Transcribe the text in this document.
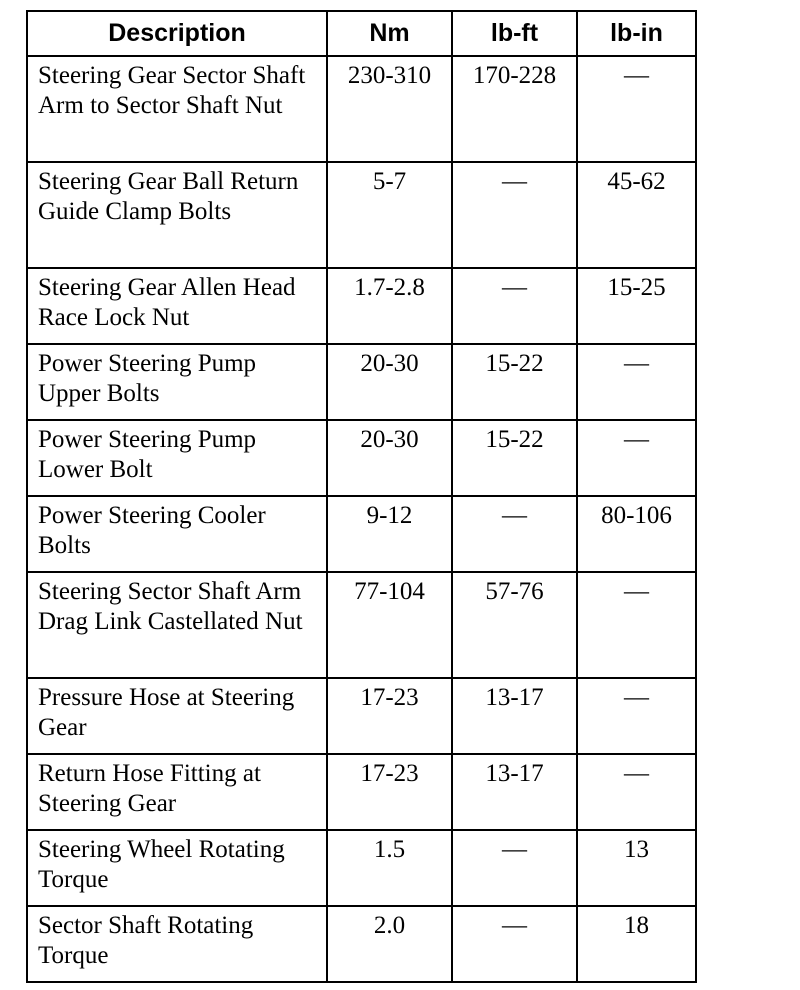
Description	Nm	lb-ft	lb-in
Steering Gear Sector Shaft Arm to Sector Shaft Nut	230-310	170-228	—
Steering Gear Ball Return Guide Clamp Bolts	5-7	—	45-62
Steering Gear Allen Head Race Lock Nut	1.7-2.8	—	15-25
Power Steering Pump Upper Bolts	20-30	15-22	—
Power Steering Pump Lower Bolt	20-30	15-22	—
Power Steering Cooler Bolts	9-12	—	80-106
Steering Sector Shaft Arm Drag Link Castellated Nut	77-104	57-76	—
Pressure Hose at Steering Gear	17-23	13-17	—
Return Hose Fitting at Steering Gear	17-23	13-17	—
Steering Wheel Rotating Torque	1.5	—	13
Sector Shaft Rotating Torque	2.0	—	18
